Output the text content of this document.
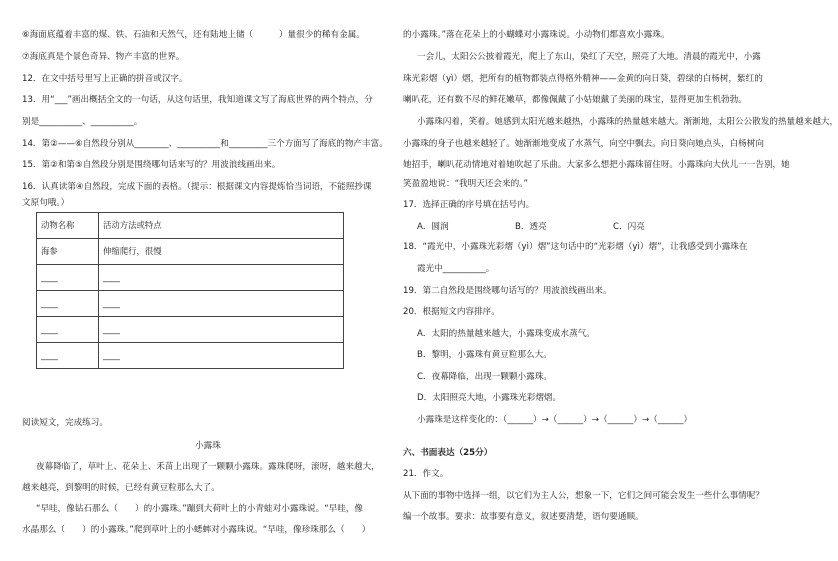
⑥海面底蕴着丰富的煤、铁、石油和天然气，还有陆地上储（　　　）量很少的稀有金属。
⑦海底真是个景色奇异、物产丰富的世界。
12．在文中括号里写上正确的拼音或汉字。
13．用“___”画出概括全文的一句话，从这句话里，我知道课文写了海底世界的两个特点，分
别是__________、__________。
14．第②——⑥自然段分别从________、__________和_________三个方面写了海底的物产丰富。
15．第②和第⑤自然段分别是围绕哪句话来写的？用波浪线画出来。
16．认真读第④自然段，完成下面的表格。（提示：根据课文内容提炼恰当词语，不能照抄课
文原句哦。）
动物名称	活动方法或特点
海参	伸缩爬行，很慢
____	____
____	____
____	____
____	____
阅读短文，完成练习。
小露珠
夜幕降临了，草叶上、花朵上、禾苗上出现了一颗颗小露珠。露珠爬呀，滚呀，越来越大，
越来越亮，到黎明的时候，已经有黄豆粒那么大了。
“早哇，像钻石那么（　　）的小露珠。”蹦到大荷叶上的小青蛙对小露珠说。“早哇，像
水晶那么（　　）的小露珠。”爬到草叶上的小蟋蟀对小露珠说。“早哇，像珍珠那么（　　）
的小露珠。”落在花朵上的小蝴蝶对小露珠说。小动物们都喜欢小露珠。
一会儿，太阳公公披着霞光，爬上了东山，染红了天空，照亮了大地。清晨的霞光中，小露
珠光彩熠（yì）熠，把所有的植物都装点得格外精神——金黄的向日葵，碧绿的白杨树，紫红的
喇叭花，还有数不尽的鲜花嫩草，都像佩戴了小姑娘戴了美丽的珠宝，显得更加生机勃勃。
小露珠闪着，笑着。她感到太阳光越来越热，小露珠的热量越来越大。渐渐地，太阳公公散发的热量越来越大，
小露珠的身子也越来越轻了。她渐渐地变成了水蒸气，向空中飘去。向日葵向她点头，白杨树向
她招手，喇叭花动情地对着她吹起了乐曲。大家多么想把小露珠留住呀。小露珠向大伙儿一一告别，她
笑盈盈地说：“我明天还会来的。”
17．选择正确的序号填在括号内。
A．圆润	B．透亮	C．闪亮
18．“霞光中，小露珠光彩熠（yì）熠”这句话中的“光彩熠（yì）熠”，让我感受到小露珠在
霞光中__________。
19．第二自然段是围绕哪句话写的？用波浪线画出来。
20．根据短文内容排序。
A．太阳的热量越来越大，小露珠变成水蒸气。
B．黎明，小露珠有黄豆粒那么大。
C．夜幕降临，出现一颗颗小露珠。
D．太阳照亮大地，小露珠光彩熠熠。
小露珠是这样变化的：（______）→（______）→（______）→（______）
六、书面表达（25分）
21．作文。
从下面的事物中选择一组，以它们为主人公，想象一下，它们之间可能会发生一些什么事情呢？
编一个故事。要求：故事要有意义，叙述要清楚，语句要通顺。
